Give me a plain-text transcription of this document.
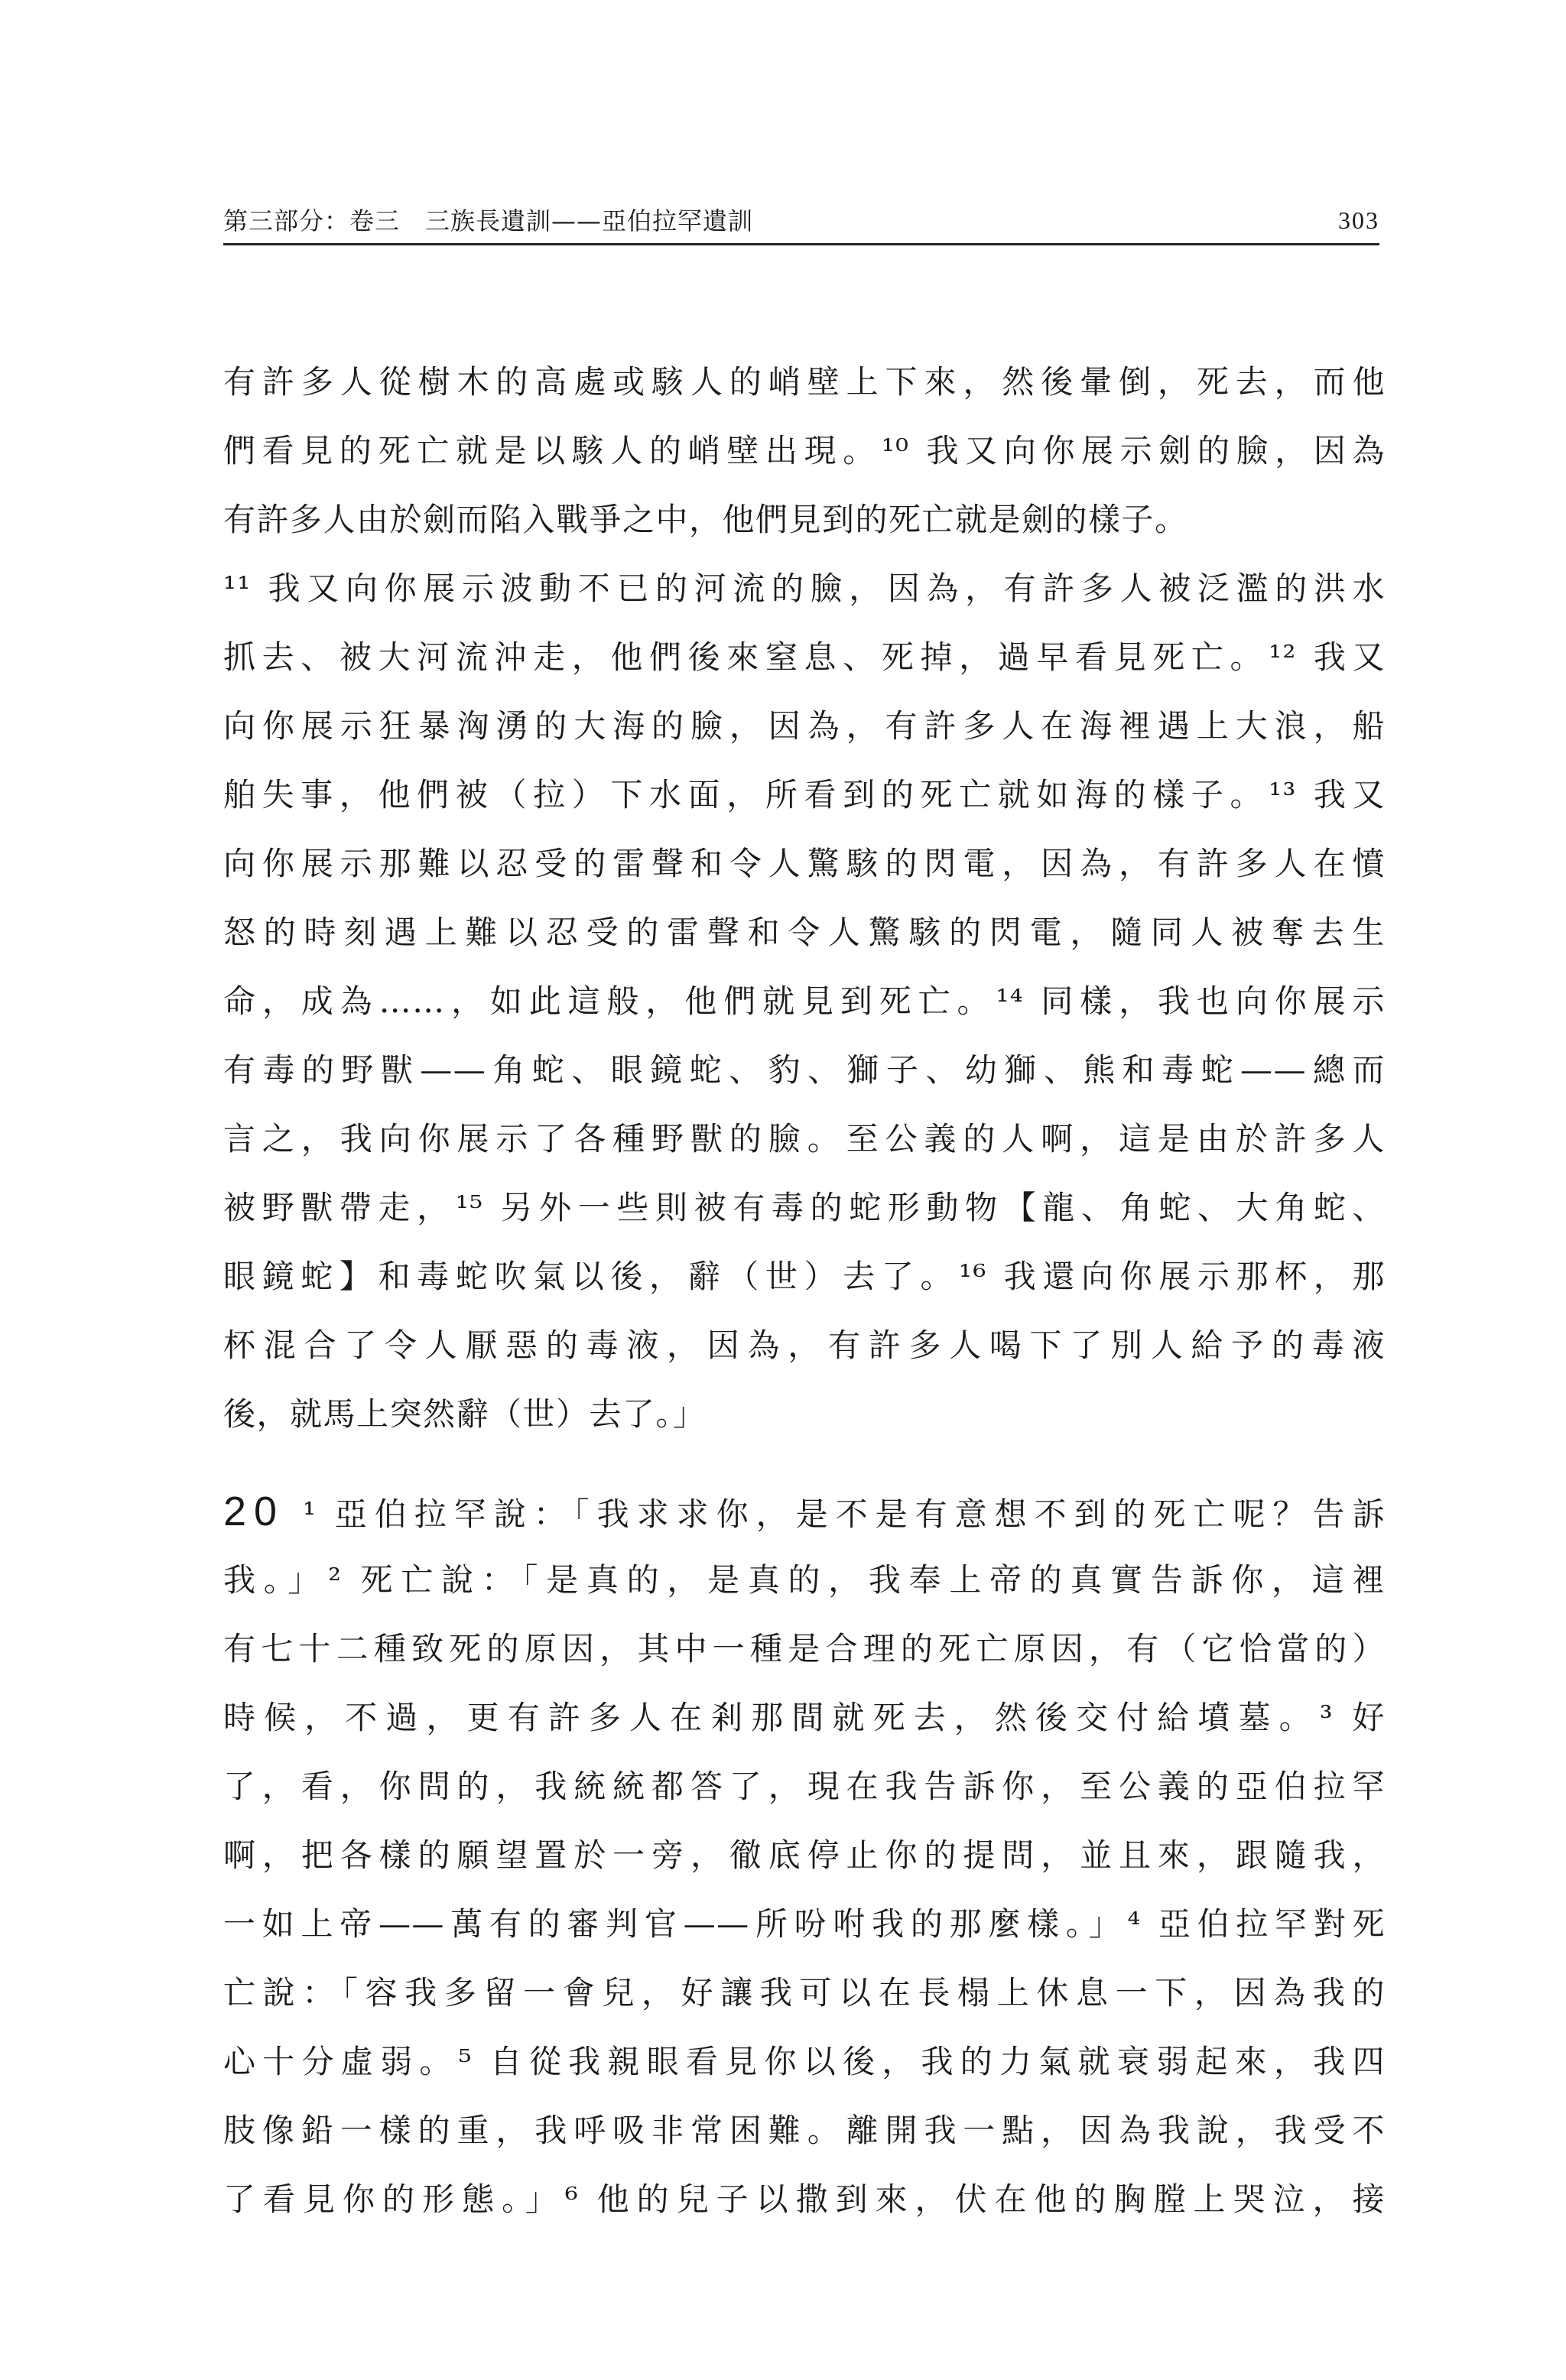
第三部分：卷三　三族長遺訓——亞伯拉罕遺訓	303
有許多人從樹木的高處或駭人的峭壁上下來，然後暈倒，死去，而他
們看見的死亡就是以駭人的峭壁出現。¹⁰ 我又向你展示劍的臉，因為
有許多人由於劍而陷入戰爭之中，他們見到的死亡就是劍的樣子。
¹¹ 我又向你展示波動不已的河流的臉，因為，有許多人被泛濫的洪水
抓去、被大河流沖走，他們後來窒息、死掉，過早看見死亡。¹² 我又
向你展示狂暴洶湧的大海的臉，因為，有許多人在海裡遇上大浪，船
舶失事，他們被（拉）下水面，所看到的死亡就如海的樣子。¹³ 我又
向你展示那難以忍受的雷聲和令人驚駭的閃電，因為，有許多人在憤
怒的時刻遇上難以忍受的雷聲和令人驚駭的閃電，隨同人被奪去生
命，成為……，如此這般，他們就見到死亡。¹⁴ 同樣，我也向你展示
有毒的野獸——角蛇、眼鏡蛇、豹、獅子、幼獅、熊和毒蛇——總而
言之，我向你展示了各種野獸的臉。至公義的人啊，這是由於許多人
被野獸帶走，¹⁵ 另外一些則被有毒的蛇形動物【龍、角蛇、大角蛇、
眼鏡蛇】和毒蛇吹氣以後，辭（世）去了。¹⁶ 我還向你展示那杯，那
杯混合了令人厭惡的毒液，因為，有許多人喝下了別人給予的毒液
後，就馬上突然辭（世）去了。」
20 ¹ 亞伯拉罕說：「我求求你，是不是有意想不到的死亡呢？告訴
我。」² 死亡說：「是真的，是真的，我奉上帝的真實告訴你，這裡
有七十二種致死的原因，其中一種是合理的死亡原因，有（它恰當的）
時候，不過，更有許多人在剎那間就死去，然後交付給墳墓。³ 好
了，看，你問的，我統統都答了，現在我告訴你，至公義的亞伯拉罕
啊，把各樣的願望置於一旁，徹底停止你的提問，並且來，跟隨我，
一如上帝——萬有的審判官——所吩咐我的那麼樣。」⁴ 亞伯拉罕對死
亡說：「容我多留一會兒，好讓我可以在長榻上休息一下，因為我的
心十分虛弱。⁵ 自從我親眼看見你以後，我的力氣就衰弱起來，我四
肢像鉛一樣的重，我呼吸非常困難。離開我一點，因為我說，我受不
了看見你的形態。」⁶ 他的兒子以撒到來，伏在他的胸膛上哭泣，接
